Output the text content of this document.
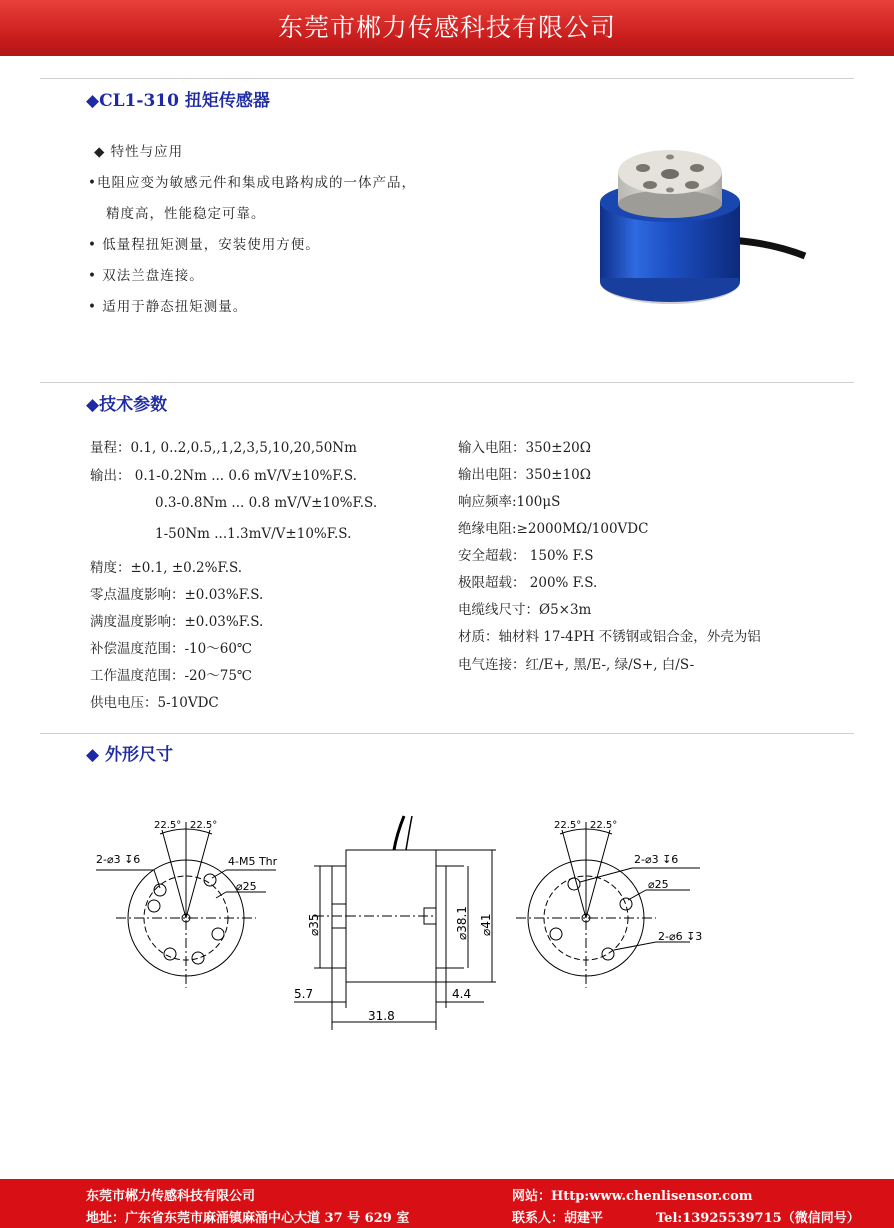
东莞市郴力传感科技有限公司
◆CL1-310 扭矩传感器
◆ 特性与应用
•电阻应变为敏感元件和集成电路构成的一体产品，
精度高，性能稳定可靠。
• 低量程扭矩测量，安装使用方便。
• 双法兰盘连接。
• 适用于静态扭矩测量。
◆技术参数
量程：0.1, 0..2,0.5,,1,2,3,5,10,20,50Nm
输出： 0.1-0.2Nm ... 0.6 mV/V±10%F.S.
0.3-0.8Nm ... 0.8 mV/V±10%F.S.
1-50Nm ...1.3mV/V±10%F.S.
精度：±0.1, ±0.2%F.S.
零点温度影响：±0.03%F.S.
满度温度影响：±0.03%F.S.
补偿温度范围：-10～60℃
工作温度范围：-20～75℃
供电电压：5-10VDC
输入电阻：350±20Ω
输出电阻：350±10Ω
响应频率:100μS
绝缘电阻:≥2000MΩ/100VDC
安全超载： 150% F.S
极限超载： 200% F.S.
电缆线尺寸：Ø5×3m
材质：轴材料 17-4PH 不锈钢或铝合金，外壳为铝
电气连接：红/E+, 黑/E-, 绿/S+, 白/S-
◆ 外形尺寸
2-⌀3 ↧6	4-M5 Thr
⌀25
22.5° 22.5°
5.7	4.4
31.8
⌀35	⌀38.1 ⌀41
2-⌀3 ↧6
⌀25
2-⌀6 ↧3
22.5° 22.5°
东莞市郴力传感科技有限公司
地址：广东省东莞市麻涌镇麻涌中心大道 37 号 629 室
网站：Http:www.chenlisensor.com
联系人：胡建平	Tel:13925539715（微信同号）
